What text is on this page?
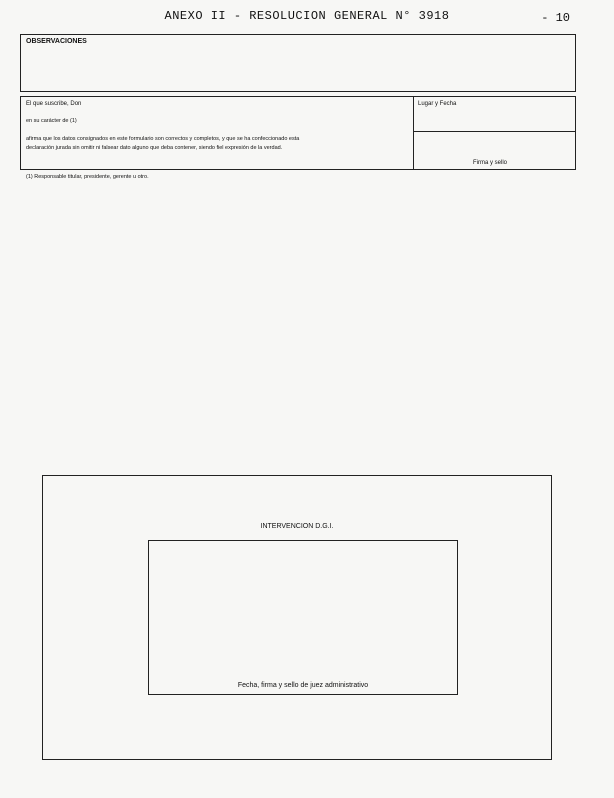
ANEXO II - RESOLUCION GENERAL N° 3918	- 10
OBSERVACIONES
El que suscribe, Don
en su carácter de (1)
afirma que los datos consignados en este formulario son correctos y completos, y que se ha confeccionado esta
declaración jurada sin omitir ni falsear dato alguno que deba contener, siendo fiel expresión de la verdad.
Lugar y Fecha
Firma y sello
(1) Responsable titular, presidente, gerente u otro.
INTERVENCION D.G.I.
Fecha, firma y sello de juez administrativo
